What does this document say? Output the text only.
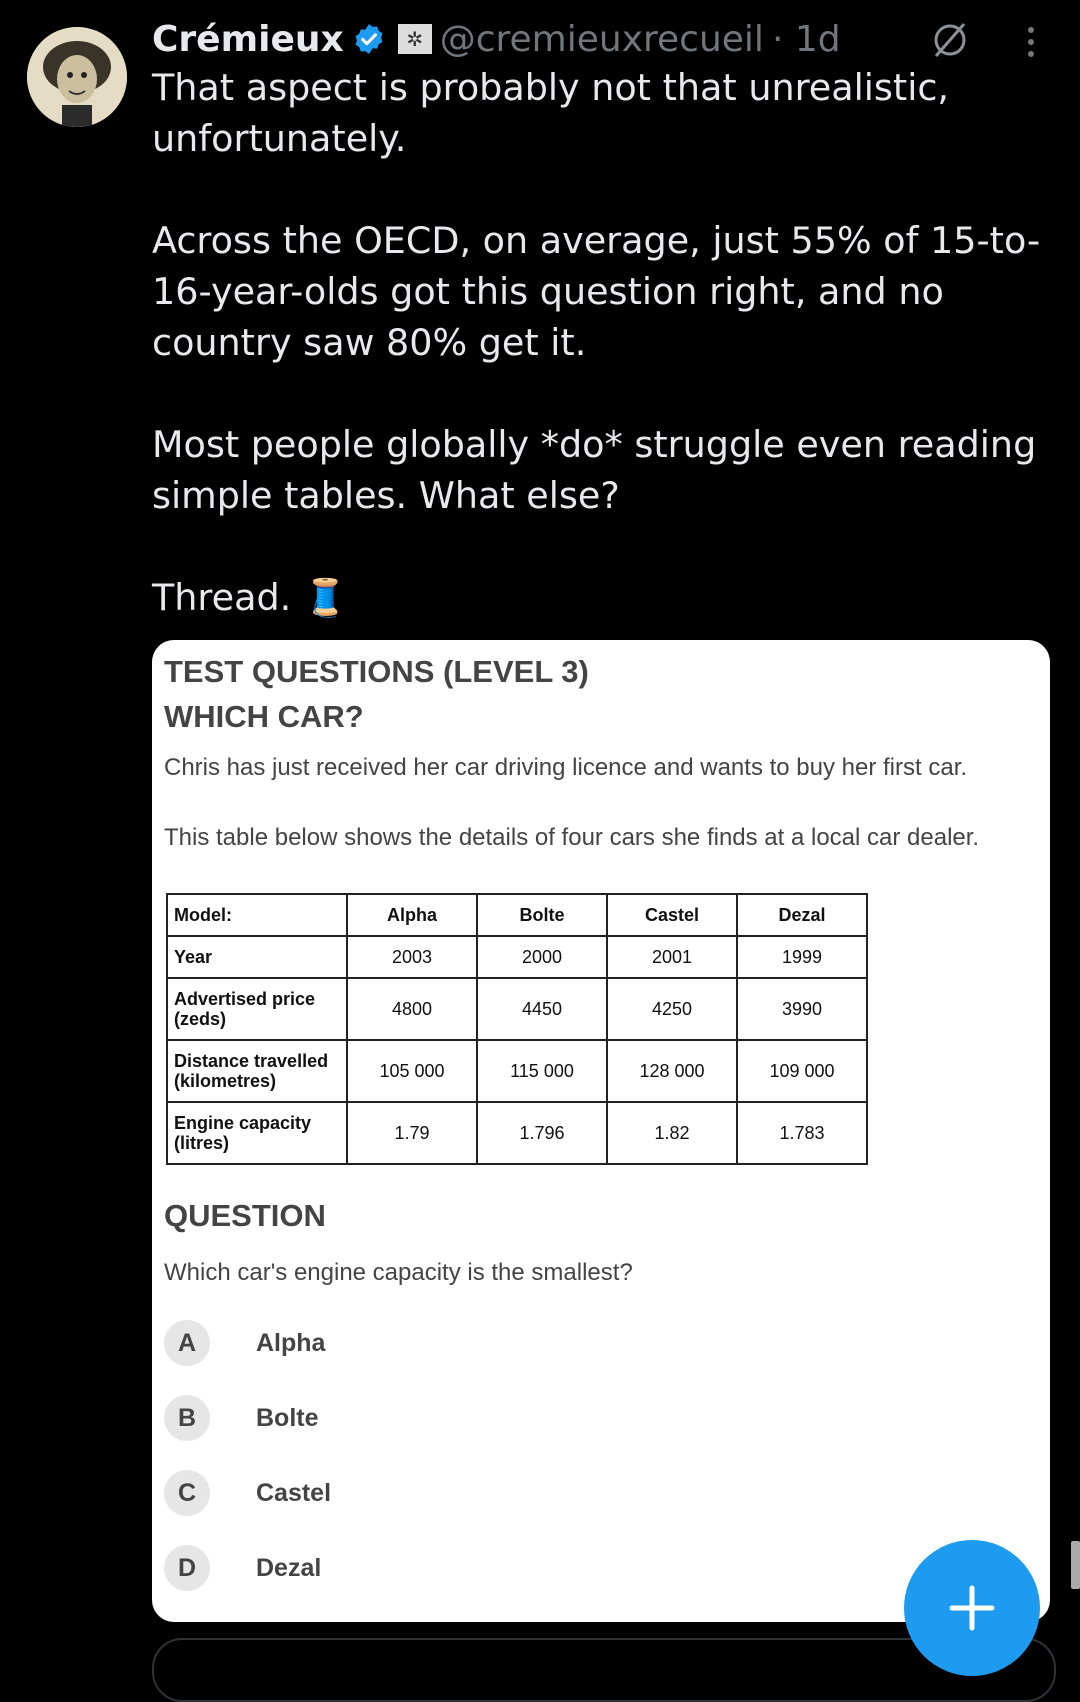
Crémieux	✲ @cremieuxrecueil · 1d
That aspect is probably not that unrealistic, unfortunately.

Across the OECD, on average, just 55% of 15-to-16-year-olds got this question right, and no country saw 80% get it.

Most people globally *do* struggle even reading simple tables. What else?

Thread. 🧵
TEST QUESTIONS (LEVEL 3)
WHICH CAR?
Chris has just received her car driving licence and wants to buy her first car.
This table below shows the details of four cars she finds at a local car dealer.
Model:	Alpha	Bolte	Castel	Dezal
Year	2003	2000	2001	1999
Advertised price (zeds)	4800	4450	4250	3990
Distance travelled (kilometres)	105 000	115 000	128 000	109 000
Engine capacity (litres)	1.79	1.796	1.82	1.783
QUESTION
Which car's engine capacity is the smallest?
A	Alpha
B	Bolte
C	Castel
D	Dezal
